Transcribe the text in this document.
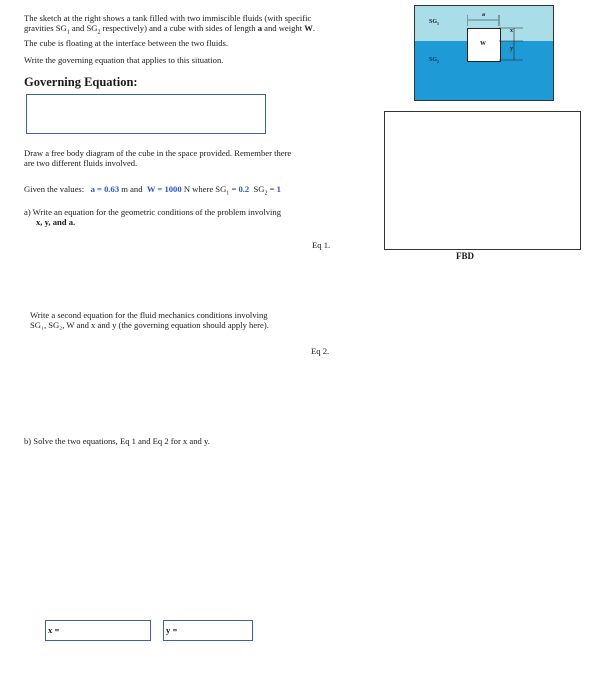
The sketch at the right shows a tank filled with two immiscible fluids (with specific

gravities $SG_1$ and $SG_2$ respectively) and a cube with sides of length a and weight W.

The cube is floating at the interface between the two fluids.

Write the governing equation that applies to this situation.

Governing Equation:

Draw a free body diagram of the cube in the space provided. Remember there

are two different fluids involved.

Given the values: a = 0.63 m and W = 1000 N where $SG_1 = 0.2$ $SG_2 = 1$

a) Write an equation for the geometric conditions of the problem involving

x, y, and a.

Eq 1.

Write a second equation for the fluid mechanics conditions involving

SG₁, SG₂, W and x and y (the governing equation should apply here).

Eq 2.

b) Solve the two equations, Eq 1 and Eq 2 for x and y.

x =	y =
$SG_1$
$SG_2$
W
a
x
y
FBD
